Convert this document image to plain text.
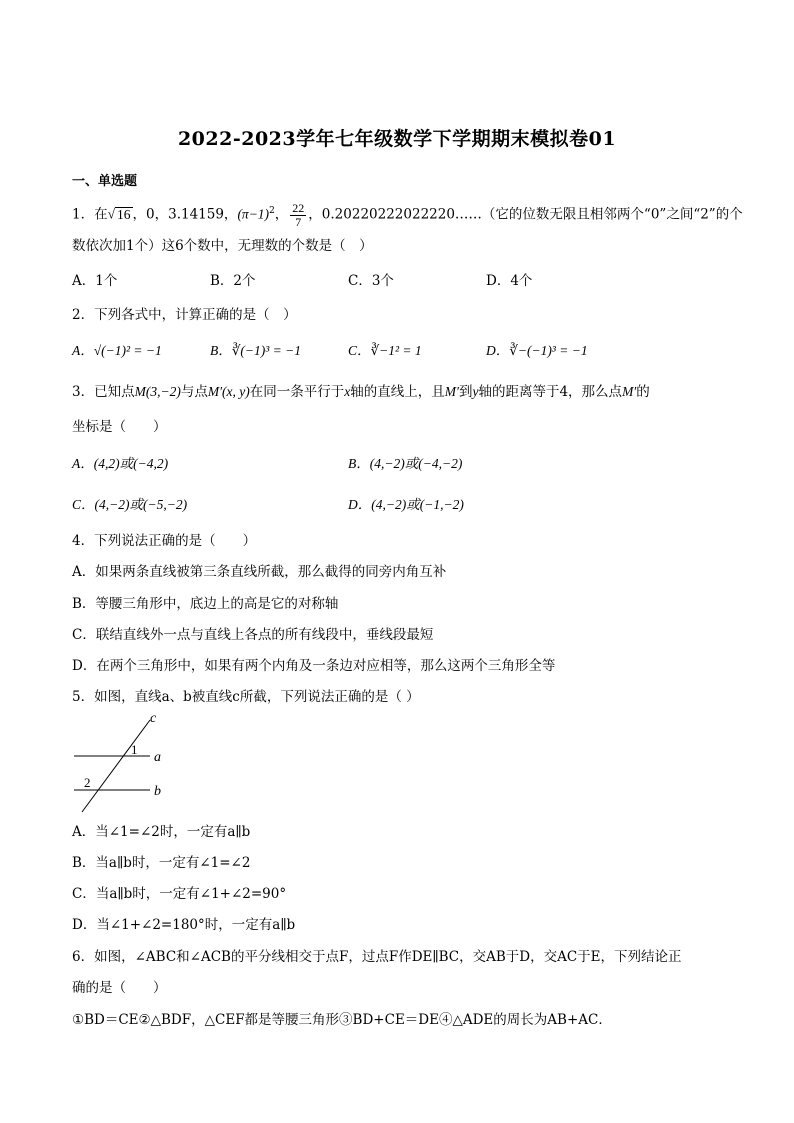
2022-2023学年七年级数学下学期期末模拟卷01
一、单选题
1．在√ 16 ，0，3.14159，$(\pi-1)^2$， $\frac{22}{7}$ ，0.20220222022220……（它的位数无限且相邻两个“0”之间“2”的个
数依次加1个）这6个数中，无理数的个数是（　）
A．1个	B．2个	C．3个	D．4个
2．下列各式中，计算正确的是（　）
A．√(−1)² = −1	B．∛(−1)³ = −1	C．∛−1² = 1	D．∛−(−1)³ = −1
3．已知点M(3,−2)与点M′(x, y)在同一条平行于x轴的直线上，且M′到y轴的距离等于4，那么点M′的
坐标是（　　）
A．(4,2)或(−4,2)	B．(4,−2)或(−4,−2)
C．(4,−2)或(−5,−2)	D．(4,−2)或(−1,−2)
4．下列说法正确的是（　　）
A．如果两条直线被第三条直线所截，那么截得的同旁内角互补
B．等腰三角形中，底边上的高是它的对称轴
C．联结直线外一点与直线上各点的所有线段中，垂线段最短
D．在两个三角形中，如果有两个内角及一条边对应相等，那么这两个三角形全等
5．如图，直线a、b被直线c所截，下列说法正确的是（ ）
c
a
b
1
2
A．当∠1=∠2时，一定有a∥b
B．当a∥b时，一定有∠1=∠2
C．当a∥b时，一定有∠1+∠2=90°
D．当∠1+∠2=180°时，一定有a∥b
6．如图，∠ABC和∠ACB的平分线相交于点F，过点F作DE∥BC，交AB于D，交AC于E，下列结论正
确的是（　　）
①BD＝CE②△BDF，△CEF都是等腰三角形③BD+CE＝DE④△ADE的周长为AB+AC．
